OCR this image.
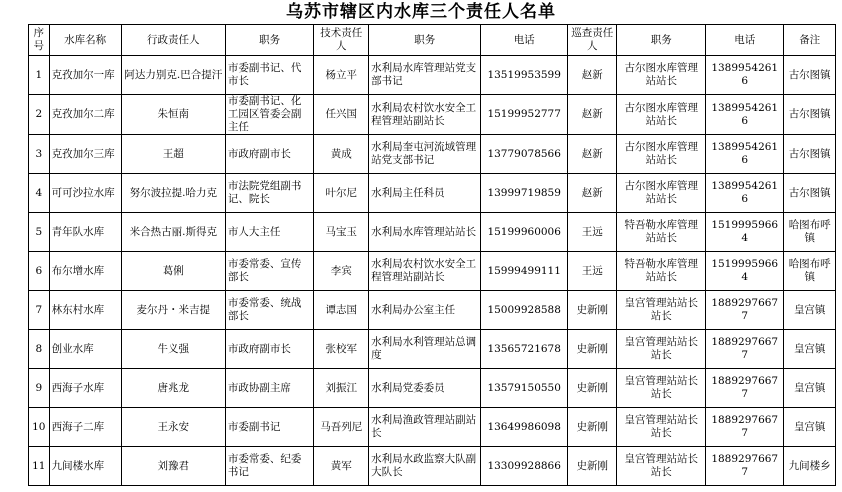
乌苏市辖区内水库三个责任人名单
序号	水库名称	行政责任人	职务	技术责任人	职务	电话	巡查责任人	职务	电话	备注
1	克孜加尔一库	阿达力别克.巴合提汗	市委副书记、代市长	杨立平	水利局水库管理站党支部书记	13519953599	赵新	古尔图水库管理站站长	13899542616	古尔图镇
2	克孜加尔二库	朱恒南	市委副书记、化工园区管委会副主任	任兴国	水利局农村饮水安全工程管理站副站长	15199952777	赵新	古尔图水库管理站站长	13899542616	古尔图镇
3	克孜加尔三库	王超	市政府副市长	黄成	水利局奎屯河流域管理站党支部书记	13779078566	赵新	古尔图水库管理站站长	13899542616	古尔图镇
4	可可沙拉水库	努尔波拉提.哈力克	市法院党组副书记、院长	叶尔尼	水利局主任科员	13999719859	赵新	古尔图水库管理站站长	13899542616	古尔图镇
5	青年队水库	米合热古丽.斯得克	市人大主任	马宝玉	水利局水库管理站站长	15199960006	王远	特吾勒水库管理站站长	15199959664	哈图布呼镇
6	布尔增水库	葛俐	市委常委、宣传部长	李宾	水利局农村饮水安全工程管理站副站长	15999499111	王远	特吾勒水库管理站站长	15199959664	哈图布呼镇
7	林东村水库	麦尔丹・米吉提	市委常委、统战部长	谭志国	水利局办公室主任	15009928588	史新刚	皇宫管理站站长站长	18892976677	皇宫镇
8	创业水库	牛义强	市政府副市长	张校军	水利局水利管理站总调度	13565721678	史新刚	皇宫管理站站长站长	18892976677	皇宫镇
9	西海子水库	唐兆龙	市政协副主席	刘振江	水利局党委委员	13579150550	史新刚	皇宫管理站站长站长	18892976677	皇宫镇
10	西海子二库	王永安	市委副书记	马吾列尼	水利局渔政管理站副站长	13649986098	史新刚	皇宫管理站站长站长	18892976677	皇宫镇
11	九间楼水库	刘豫君	市委常委、纪委书记	黄军	水利局水政监察大队副大队长	13309928866	史新刚	皇宫管理站站长站长	18892976677	九间楼乡
